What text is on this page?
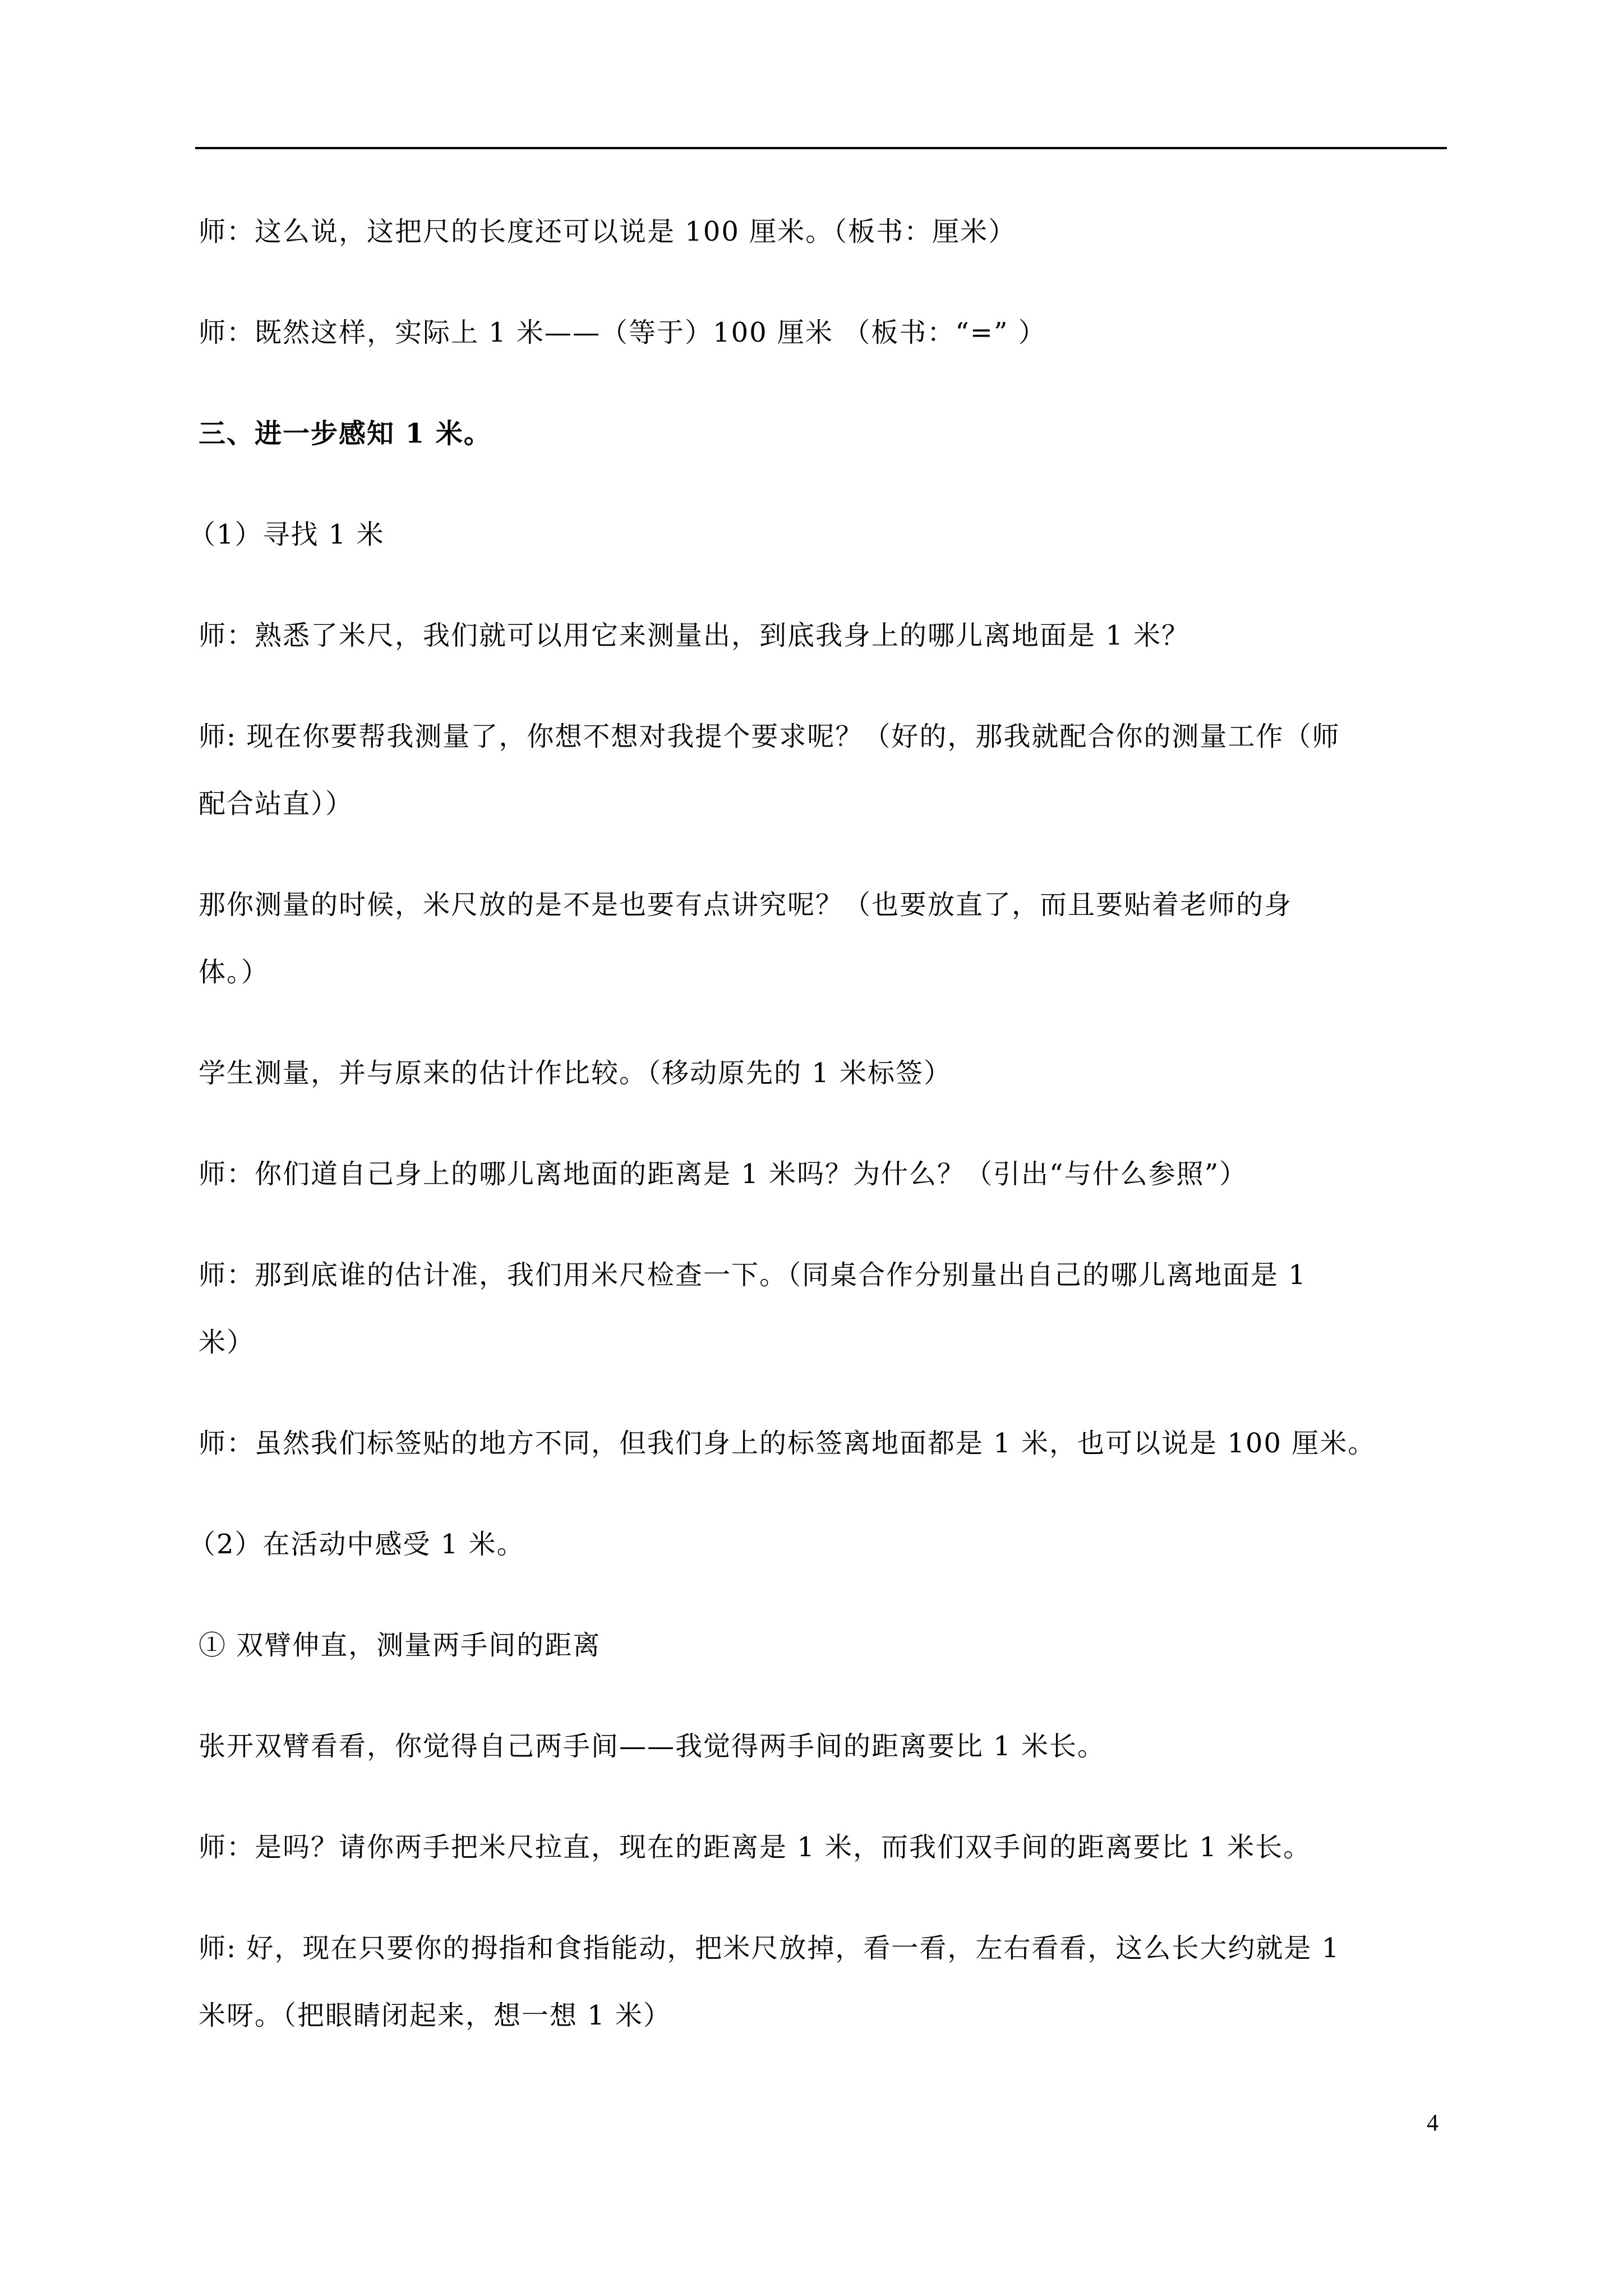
师：这么说，这把尺的长度还可以说是 100 厘米。（板书：厘米）
师：既然这样，实际上 1 米——（等于）100 厘米 （板书：“=” ）
三、进一步感知 1 米。
（1）寻找 1 米
师：熟悉了米尺，我们就可以用它来测量出，到底我身上的哪儿离地面是 1 米？
师: 现在你要帮我测量了，你想不想对我提个要求呢？（好的，那我就配合你的测量工作（师
配合站直））
那你测量的时候，米尺放的是不是也要有点讲究呢？（也要放直了，而且要贴着老师的身
体。）
学生测量，并与原来的估计作比较。（移动原先的 1 米标签）
师：你们道自己身上的哪儿离地面的距离是 1 米吗？为什么？（引出“与什么参照”）
师：那到底谁的估计准，我们用米尺检查一下。（同桌合作分别量出自己的哪儿离地面是 1
米）
师：虽然我们标签贴的地方不同，但我们身上的标签离地面都是 1 米，也可以说是 100 厘米。
（2）在活动中感受 1 米。
① 双臂伸直，测量两手间的距离
张开双臂看看，你觉得自己两手间——我觉得两手间的距离要比 1 米长。
师：是吗？请你两手把米尺拉直，现在的距离是 1 米，而我们双手间的距离要比 1 米长。
师: 好，现在只要你的拇指和食指能动，把米尺放掉，看一看，左右看看，这么长大约就是 1
米呀。（把眼睛闭起来，想一想 1 米）
4
